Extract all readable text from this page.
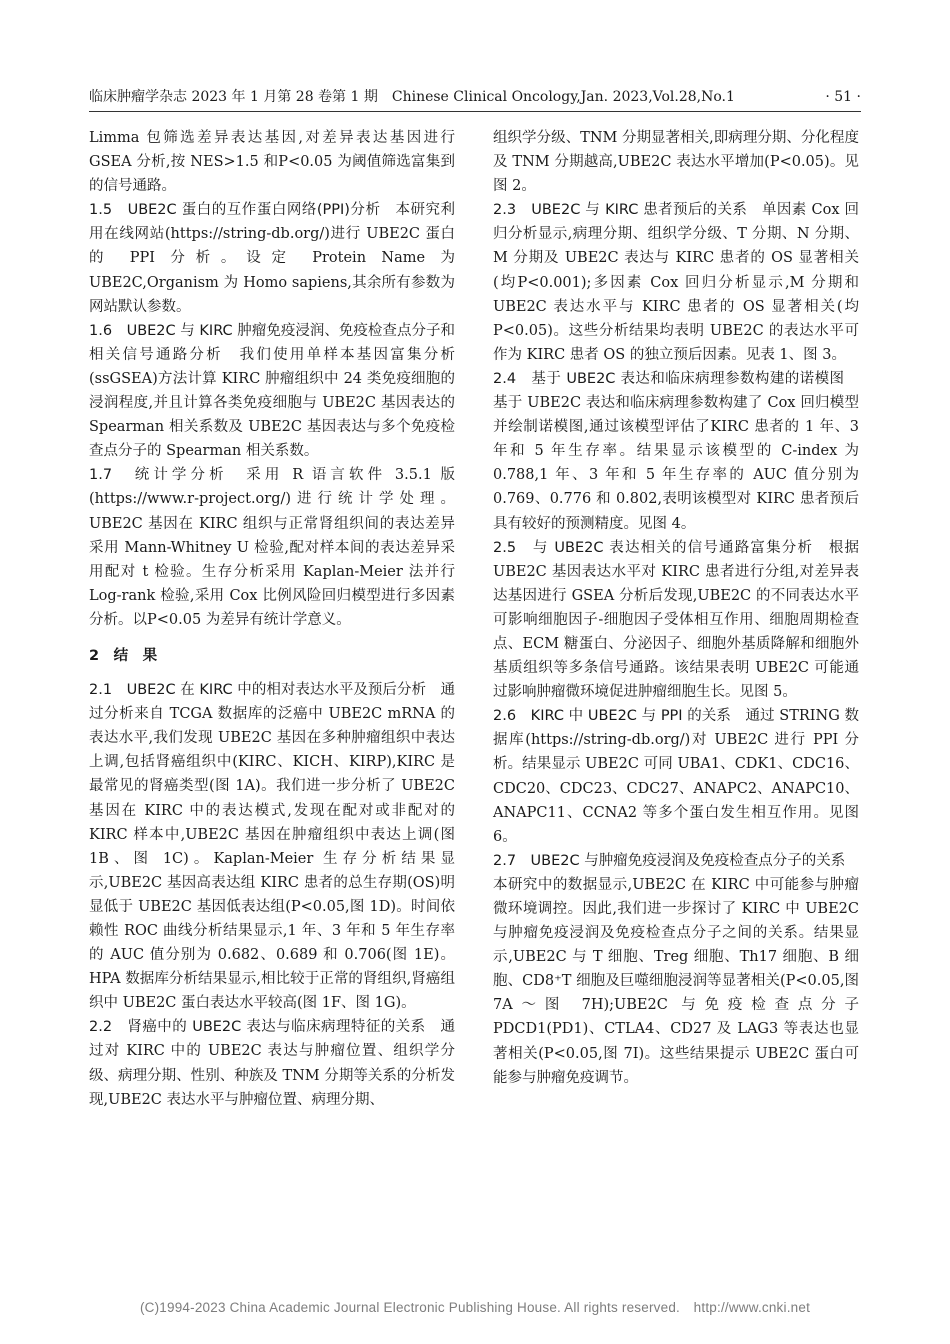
临床肿瘤学杂志 2023 年 1 月第 28 卷第 1 期　Chinese Clinical Oncology,Jan. 2023,Vol.28,No.1	· 51 ·

Limma 包筛选差异表达基因,对差异表达基因进行 GSEA 分析,按 NES>1.5 和P<0.05 为阈值筛选富集到的信号通路。

1.5　UBE2C 蛋白的互作蛋白网络(PPI)分析　本研究利用在线网站(https://string-db.org/)进行 UBE2C 蛋白的 PPI 分析。设定 Protein Name 为 UBE2C,Organism 为 Homo sapiens,其余所有参数为网站默认参数。

1.6　UBE2C 与 KIRC 肿瘤免疫浸润、免疫检查点分子和相关信号通路分析　我们使用单样本基因富集分析(ssGSEA)方法计算 KIRC 肿瘤组织中 24 类免疫细胞的浸润程度,并且计算各类免疫细胞与 UBE2C 基因表达的 Spearman 相关系数及 UBE2C 基因表达与多个免疫检查点分子的 Spearman 相关系数。

1.7　统计学分析　采用 R 语言软件 3.5.1 版(https://www.r-project.org/)进行统计学处理。UBE2C 基因在 KIRC 组织与正常肾组织间的表达差异采用 Mann-Whitney U 检验,配对样本间的表达差异采用配对 t 检验。生存分析采用 Kaplan-Meier 法并行 Log-rank 检验,采用 Cox 比例风险回归模型进行多因素分析。以P<0.05 为差异有统计学意义。

2　结　果

2.1　UBE2C 在 KIRC 中的相对表达水平及预后分析　通过分析来自 TCGA 数据库的泛癌中 UBE2C mRNA 的表达水平,我们发现 UBE2C 基因在多种肿瘤组织中表达上调,包括肾癌组织中(KIRC、KICH、KIRP),KIRC 是最常见的肾癌类型(图 1A)。我们进一步分析了 UBE2C 基因在 KIRC 中的表达模式,发现在配对或非配对的 KIRC 样本中,UBE2C 基因在肿瘤组织中表达上调(图 1B、图 1C)。Kaplan-Meier 生存分析结果显示,UBE2C 基因高表达组 KIRC 患者的总生存期(OS)明显低于 UBE2C 基因低表达组(P<0.05,图 1D)。时间依赖性 ROC 曲线分析结果显示,1 年、3 年和 5 年生存率的 AUC 值分别为 0.682、0.689 和 0.706(图 1E)。HPA 数据库分析结果显示,相比较于正常的肾组织,肾癌组织中 UBE2C 蛋白表达水平较高(图 1F、图 1G)。

2.2　肾癌中的 UBE2C 表达与临床病理特征的关系　通过对 KIRC 中的 UBE2C 表达与肿瘤位置、组织学分级、病理分期、性别、种族及 TNM 分期等关系的分析发现,UBE2C 表达水平与肿瘤位置、病理分期、

组织学分级、TNM 分期显著相关,即病理分期、分化程度及 TNM 分期越高,UBE2C 表达水平增加(P<0.05)。见图 2。

2.3　UBE2C 与 KIRC 患者预后的关系　单因素 Cox 回归分析显示,病理分期、组织学分级、T 分期、N 分期、M 分期及 UBE2C 表达与 KIRC 患者的 OS 显著相关(均P<0.001);多因素 Cox 回归分析显示,M 分期和 UBE2C 表达水平与 KIRC 患者的 OS 显著相关(均P<0.05)。这些分析结果均表明 UBE2C 的表达水平可作为 KIRC 患者 OS 的独立预后因素。见表 1、图 3。

2.4　基于 UBE2C 表达和临床病理参数构建的诺模图　基于 UBE2C 表达和临床病理参数构建了 Cox 回归模型并绘制诺模图,通过该模型评估了KIRC 患者的 1 年、3 年和 5 年生存率。结果显示该模型的 C-index 为 0.788,1 年、3 年和 5 年生存率的 AUC 值分别为 0.769、0.776 和 0.802,表明该模型对 KIRC 患者预后具有较好的预测精度。见图 4。

2.5　与 UBE2C 表达相关的信号通路富集分析　根据 UBE2C 基因表达水平对 KIRC 患者进行分组,对差异表达基因进行 GSEA 分析后发现,UBE2C 的不同表达水平可影响细胞因子-细胞因子受体相互作用、细胞周期检查点、ECM 糖蛋白、分泌因子、细胞外基质降解和细胞外基质组织等多条信号通路。该结果表明 UBE2C 可能通过影响肿瘤微环境促进肿瘤细胞生长。见图 5。

2.6　KIRC 中 UBE2C 与 PPI 的关系　通过 STRING 数据库(https://string-db.org/)对 UBE2C 进行 PPI 分析。结果显示 UBE2C 可同 UBA1、CDK1、CDC16、CDC20、CDC23、CDC27、ANAPC2、ANAPC10、ANAPC11、CCNA2 等多个蛋白发生相互作用。见图 6。

2.7　UBE2C 与肿瘤免疫浸润及免疫检查点分子的关系　本研究中的数据显示,UBE2C 在 KIRC 中可能参与肿瘤微环境调控。因此,我们进一步探讨了 KIRC 中 UBE2C 与肿瘤免疫浸润及免疫检查点分子之间的关系。结果显示,UBE2C 与 T 细胞、Treg 细胞、Th17 细胞、B 细胞、CD8⁺T 细胞及巨噬细胞浸润等显著相关(P<0.05,图 7A～图 7H);UBE2C 与免疫检查点分子 PDCD1(PD1)、CTLA4、CD27 及 LAG3 等表达也显著相关(P<0.05,图 7I)。这些结果提示 UBE2C 蛋白可能参与肿瘤免疫调节。

(C)1994-2023 China Academic Journal Electronic Publishing House. All rights reserved.　http://www.cnki.net
